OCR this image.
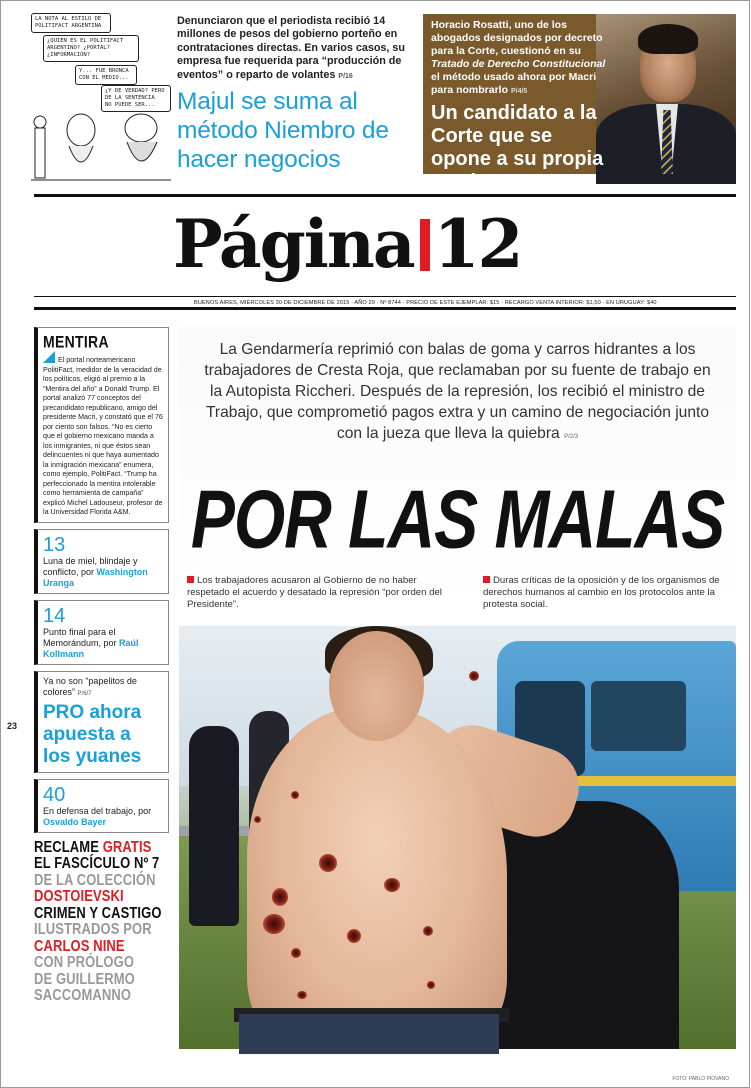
LA NOTA AL ESTILO DE
POLITIFACT ARGENTINA
¿QUIÉN ES EL POLITIFACT
ARGENTINO? ¿PORTAL?
¿INFORMACIÓN?
Y... FUE BRONCA
CON EL MEDIO...
¿Y DE VERDAD? PERO
DE LA SENTENCIA
NO PUEDE SER...

Denunciaron que el periodista recibió 14 millones de pesos del gobierno porteño en contrataciones directas. En varios casos, su empresa fue requerida para “producción de eventos” o reparto de volantes P/16

Majul se suma al método Niembro de hacer negocios

Horacio Rosatti, uno de los abogados designados por decreto para la Corte, cuestionó en su Tratado de Derecho Constitucional el método usado ahora por Macri para nombrarlo P/4/5

Un candidato a la Corte que se opone a su propia teoría
Página 12
BUENOS AIRES, MIÉRCOLES 30 DE DICIEMBRE DE 2015 · AÑO 29 · Nº 8744 · PRECIO DE ESTE EJEMPLAR: $15 · RECARGO VENTA INTERIOR: $1,50 · EN URUGUAY: $40
23
MENTIRA

El portal norteamericano PolitiFact, medidor de la veracidad de los políticos, eligió al premio a la “Mentira del año” a Donald Trump. El portal analizó 77 conceptos del precandidato republicano, amigo del presidente Macri, y constató que el 76 por ciento son falsos. “No es cierto que el gobierno mexicano manda a los inmigrantes, ni que éstos sean delincuentes ni que haya aumentado la inmigración mexicana” enumera, como ejemplo, PolitiFact. “Trump ha perfeccionado la mentira intolerable como herramienta de campaña” explicó Michel Ladouseur, profesor de la Universidad Florida A&M.

13

Luna de miel, blindaje y conflicto, por Washington Uranga

14

Punto final para el Memorándum, por Raúl Kollmann

Ya no son “papelitos de colores” P/6/7

PRO ahora apuesta a los yuanes
40

En defensa del trabajo, por Osvaldo Bayer

RECLAME GRATIS
EL FASCÍCULO Nº 7
DE LA COLECCIÓN
DOSTOIEVSKI
CRIMEN Y CASTIGO
ILUSTRADOS POR
CARLOS NINE
CON PRÓLOGO
DE GUILLERMO
SACCOMANNO

La Gendarmería reprimió con balas de goma y carros hidrantes a los trabajadores de Cresta Roja, que reclamaban por su fuente de trabajo en la Autopista Riccheri. Después de la represión, los recibió el ministro de Trabajo, que comprometió pagos extra y un camino de negociación junto con la jueza que lleva la quiebra P/2/3

POR LAS MALAS

Los trabajadores acusaron al Gobierno de no haber respetado el acuerdo y desatado la represión “por orden del Presidente”.

Duras críticas de la oposición y de los organismos de derechos humanos al cambio en los protocolos ante la protesta social.

FOTO: PABLO PIOVANO
